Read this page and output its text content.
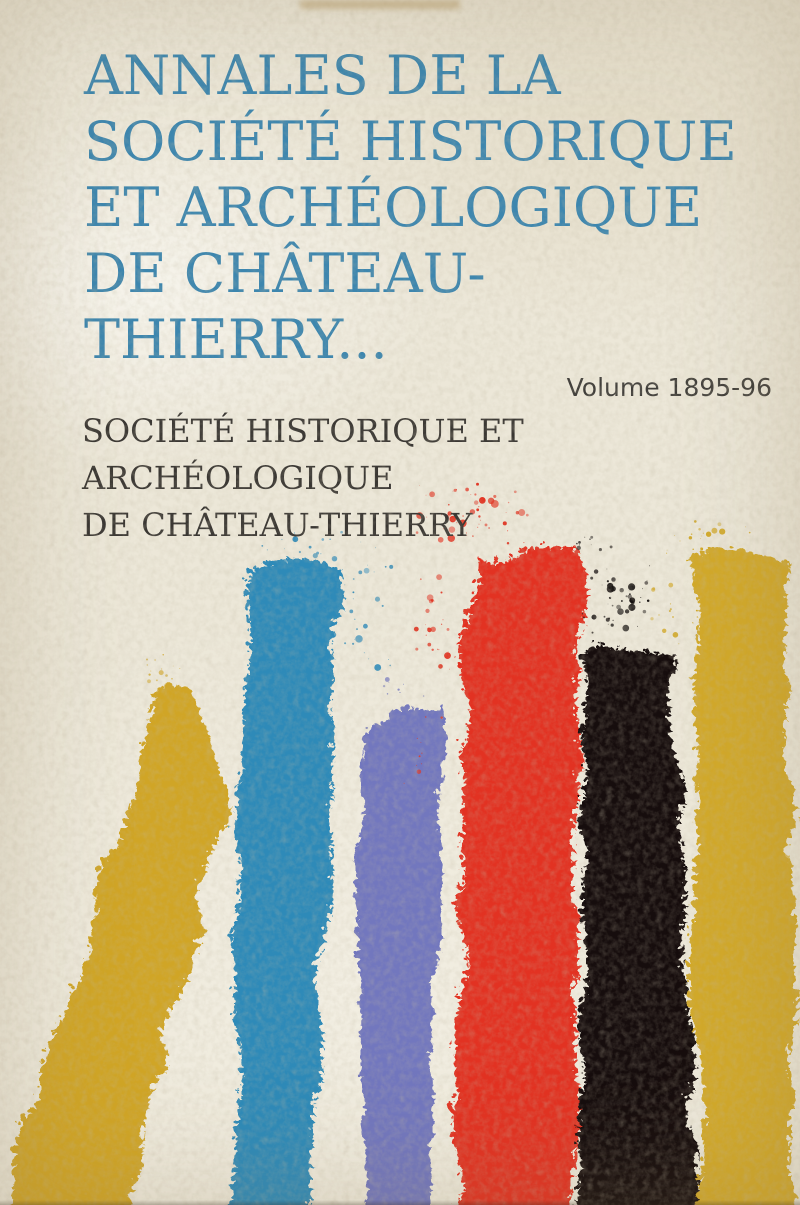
ANNALES DE LA
SOCIÉTÉ HISTORIQUE
ET ARCHÉOLOGIQUE
DE CHÂTEAU-
THIERRY...
Volume 1895-96
SOCIÉTÉ HISTORIQUE ET ARCHÉOLOGIQUE
DE CHÂTEAU-THIERRY
